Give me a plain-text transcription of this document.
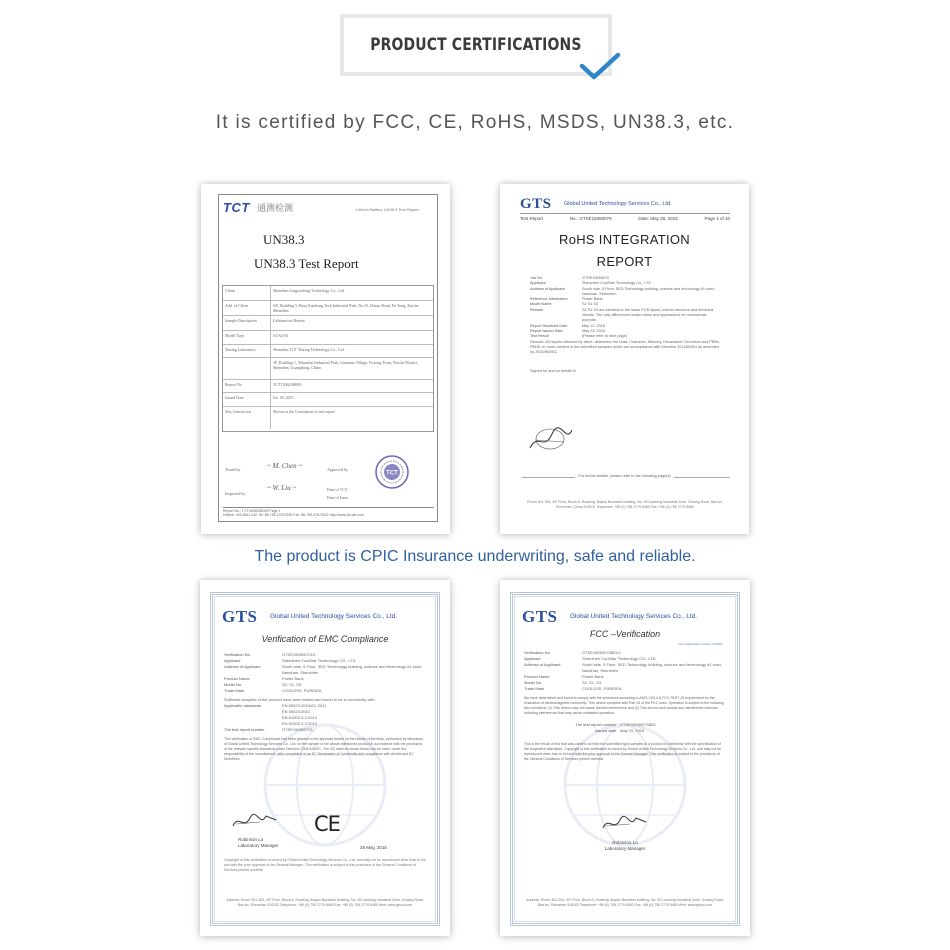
PRODUCT CERTIFICATIONS
It is certified by FCC, CE, RoHS, MSDS, UN38.3, etc.
TCT 通测检测	Lithium Battery UN38.3 Test Report
UN38.3
UN38.3 Test Report
Client	Shenzhen Lingyaofeng Technology Co., Ltd.
Add. of Client	6/F, Building 5, Baiq Xiaoheng Tech Industrial Park, No.53 Zhizao Road, Fu Yong, Bao'an, Shenzhen
Sample Description	Lithium-ion Battery
Model Type	S1/S2/S3
Testing Laboratory	Shenzhen TCT Testing Technology Co., Ltd.
1F, Building 1, Yihuanlai Industrial Park, Guantian Village, Fuyong Town, Bao'an District, Shenzhen, Guangdong, China
Report No.	TCT150623B009
Issued Date	Jul. 29, 2015
Test Conclusion	Shown in the Conclusion of test report
Tested by	~ M. Chen ~	Approved by
Inspected by
~ W. Liu ~	Date of TCT
Date of Issue
TCT
Report No.: TCT150623B009 Page 1
Hotline: 400-6611-140 Tel: 86-755-27673339 Fax: 86-755-27673332 http://www.tct-lab.com
GTS Global United Technology Services Co., Ltd.
Test Report	No.: GTSE15050070	Date: May 29, 2015	Page 1 of 10
RoHS INTEGRATION
REPORT
Job No.	GTSE15050070
Applicant	Shenzhen CoolStar Technology Co., LTD
Address of Applicant	South side, 5 Floor, SED Technology building, science and technology #1 road, Nanshan, Shenzhen
Reference Information	Power Bank
Model Name	S2 S1 S3
Remark	S2 S1 S3 are identical in the same PCB layout, interior structure and electrical circuits. The only differences model name and appearance for commercial purpose.
Report Received Date	May 12, 2015
Report Issued Date	May 29, 2015
Test Result	(Please refer to next page)
Remark: All reports selected by client, determine the Lead, Cadmium, Mercury, Hexavalent Chromium and PBBs, PBDE on more content in the submitted samples which are incompliance with Directive 2011/65/EU as amended by 2015/863/EC.
Signed for and on behalf of
For further details, please refer to the following page(s)
Room 301-304, 3/F Floor, Block A, Huafeng Jinqiao Business building, No. 90 Laodong Industrial Zone, Xixiang Road, Bao'an, Shenzhen, China 518102 Telephone: +86 (0) 755 2779 8480 Fax: +86 (0) 755 2779 8480
The product is CPIC Insurance underwriting, safe and reliable.
GTS Global United Technology Services Co., Ltd.
Verification of EMC Compliance
Verification No.	GTSE150500701V
Applicant	Shenzhen CoolStar Technology CO., LTD
Address of Applicant	South side, 5 Floor, SED Technology building, science and technology #1 road, Nanshan, Shenzhen
Product Name	Power Bank
Model No.	S2, S1, S3
Trade Mark	COOLDSS, PURIDEA
Sufficient samples of the product have been tested and found to be in conformity with
Applicable standards	EN 55022:2010/AC:2011
EN 55024:2010
EN 61000-3-2:2014
EN 61000-3-3:2013
The test report number	GTSE150500701
This verification of EMC Compliance has been granted to the applicant based on the results of the tests, performed by laboratory of Global United Technology Services Co., Ltd. on the sample of the above-mentioned product in accordance with the provisions of the relevant specific standards under Directive 2004/108/EC. The CE mark as shown below can be used, under the responsibility of the manufacturer, after completion of an EC Declaration of Conformity and compliance with all relevant EC Directives.
CE
Robinson Lo
Laboratory Manager	29 May, 2015
Copyright of this verification is owned by Global United Technology Services Co., Ltd. and may not be reproduced other than in full and with the prior approval of the General Manager. This verification is subject to the provisions of the General Conditions of Services printed overleaf.
Address: Room 301-304, 3/F Floor, Block A, Huafeng Jinqiao Business building, No. 90 Laodong Industrial Zone, Xixiang Road, Bao'an, Shenzhen 518102 Telephone: +86 (0) 755 2779 8480 Fax: +86 (0) 755 2779 8480 Web: www.gtsca.com
GTS Global United Technology Services Co., Ltd.
FCC –Verification
FCC registration number: 600491
Verification No.	GTSE150500758D1V
Applicant	Shenzhen CoolStar Technology CO., LTD
Address of Applicant	South side, 5 Floor, SED Technology building, science and technology #1 road, Nanshan, Shenzhen
Product Name	Power Bank
Model No.	S2, S1, S3
Trade Mark	COOLDSS, PURIDEA
We have determined and found to comply with the provisions according to ANSI C63.4 & FCC PART 15 requirement for the evaluation of electromagnetic conformity. This device complies with Part 15 of the FCC rules. Operation is subject to the following two conditions: (1) This device may not cause harmful interference and (2) This device must accept any interference received, including interference that may cause undesired operation.
The test report number	GTSE150500758D1
Issued date	May 29, 2015
This is the result of test that was carried out from the submitted type-samples of a product in conformity with the specification of the respective standards. Copyright of this verification is owned by Global United Technology Services Co., Ltd. and may not be reproduced other than in full and with the prior approval of the General Manager. This verification is subject to the provisions of the General Conditions of Services printed overleaf.
Robinson Lo
Laboratory Manager
Address: Room 301-304, 3/F Floor, Block A, Huafeng Jinqiao Business building, No. 90 Laodong Industrial Zone, Xixiang Road, Bao'an, Shenzhen 518102 Telephone: +86 (0) 755 2779 8480 Fax: +86 (0) 755 2779 8480 Web: www.gtsca.com
